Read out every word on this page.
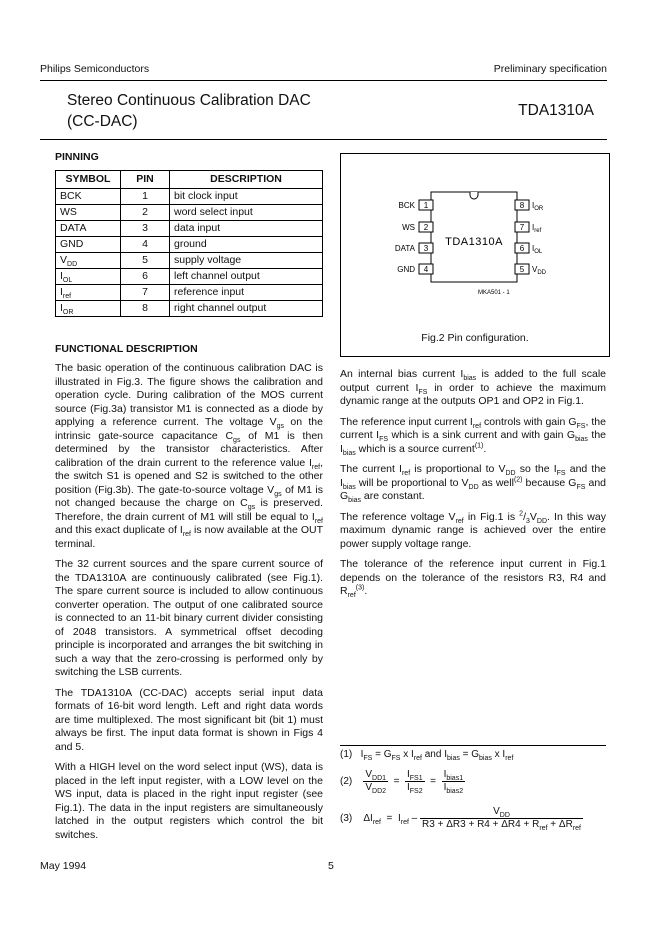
Philips Semiconductors	Preliminary specification
Stereo Continuous Calibration DAC
(CC-DAC)
TDA1310A
PINNING
SYMBOL	PIN	DESCRIPTION
BCK	1	bit clock input
WS	2	word select input
DATA	3	data input
GND	4	ground
$V_{DD}$	5	supply voltage
$I_{OL}$	6	left channel output
$I_{ref}$	7	reference input
$I_{OR}$	8	right channel output
1
BCK
2
WS
3
DATA
4
GND
8 $I_{OR}$
7 $I_{ref}$
6 $I_{OL}$
5 $V_{DD}$
TDA1310A
MKA501 - 1
Fig.2 Pin configuration.
FUNCTIONAL DESCRIPTION

The basic operation of the continuous calibration DAC is illustrated in Fig.3. The figure shows the calibration and operation cycle. During calibration of the MOS current source (Fig.3a) transistor M1 is connected as a diode by applying a reference current. The voltage $V_{gs}$ on the intrinsic gate-source capacitance $C_{gs}$ of M1 is then determined by the transistor characteristics. After calibration of the drain current to the reference value $I_{ref}$, the switch S1 is opened and S2 is switched to the other position (Fig.3b). The gate-to-source voltage $V_{gs}$ of M1 is not changed because the charge on $C_{gs}$ is preserved. Therefore, the drain current of M1 will still be equal to $I_{ref}$ and this exact duplicate of $I_{ref}$ is now available at the OUT terminal.

The 32 current sources and the spare current source of the TDA1310A are continuously calibrated (see Fig.1). The spare current source is included to allow continuous converter operation. The output of one calibrated source is connected to an 11-bit binary current divider consisting of 2048 transistors. A symmetrical offset decoding principle is incorporated and arranges the bit switching in such a way that the zero-crossing is performed only by switching the LSB currents.

The TDA1310A (CC-DAC) accepts serial input data formats of 16-bit word length. Left and right data words are time multiplexed. The most significant bit (bit 1) must always be first. The input data format is shown in Figs 4 and 5.

With a HIGH level on the word select input (WS), data is placed in the left input register, with a LOW level on the WS input, data is placed in the right input register (see Fig.1). The data in the input registers are simultaneously latched in the output registers which control the bit switches.

An internal bias current $I_{bias}$ is added to the full scale output current $I_{FS}$ in order to achieve the maximum dynamic range at the outputs OP1 and OP2 in Fig.1.

The reference input current $I_{ref}$ controls with gain $G_{FS}$, the current $I_{FS}$ which is a sink current and with gain $G_{bias}$ the $I_{bias}$ which is a source current$^{(1)}$.

The current $I_{ref}$ is proportional to $V_{DD}$ so the $I_{FS}$ and the $I_{bias}$ will be proportional to $V_{DD}$ as well$^{(2)}$ because $G_{FS}$ and $G_{bias}$ are constant.

The reference voltage $V_{ref}$ in Fig.1 is $^2/_3V_{DD}$. In this way maximum dynamic range is achieved over the entire power supply voltage range.

The tolerance of the reference input current in Fig.1 depends on the tolerance of the resistors R3, R4 and $R_{ref}^{(3)}$.

(1)   $I_{FS} = G_{FS}$ x $I_{ref}$ and $I_{bias} = G_{bias}$ x $I_{ref}$
$(2) \frac{V_{DD1}}{V_{DD2}} = \frac{I_{FS1}}{I_{FS2}} = \frac{I_{bias1}}{I_{bias2}}$
(3) $\Delta I_{ref} = I_{ref} - \frac{V_{DD}}{R3 + \Delta R3 + R4 + \Delta R4 + R_{ref} + \Delta R_{ref}}$
May 1994	5
